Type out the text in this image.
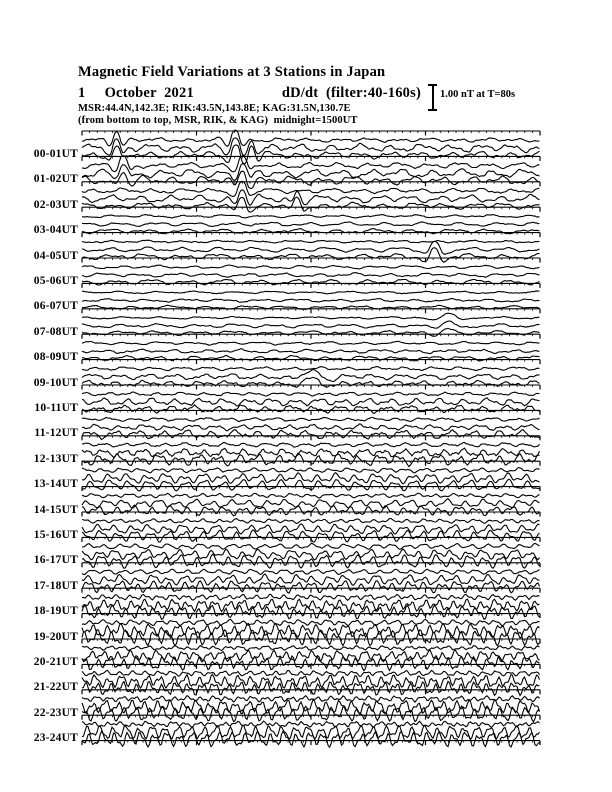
Magnetic Field Variations at 3 Stations in Japan
1     October  2021                       dD/dt  (filter:40-160s)
MSR:44.4N,142.3E; RIK:43.5N,143.8E; KAG:31.5N,130.7E
(from bottom to top, MSR, RIK, & KAG)  midnight=1500UT
1.00 nT at T=80s
00-01UT
01-02UT
02-03UT
03-04UT
04-05UT
05-06UT
06-07UT
07-08UT
08-09UT
09-10UT
10-11UT
11-12UT
12-13UT
13-14UT
14-15UT
15-16UT
16-17UT
17-18UT
18-19UT
19-20UT
20-21UT
21-22UT
22-23UT
23-24UT
